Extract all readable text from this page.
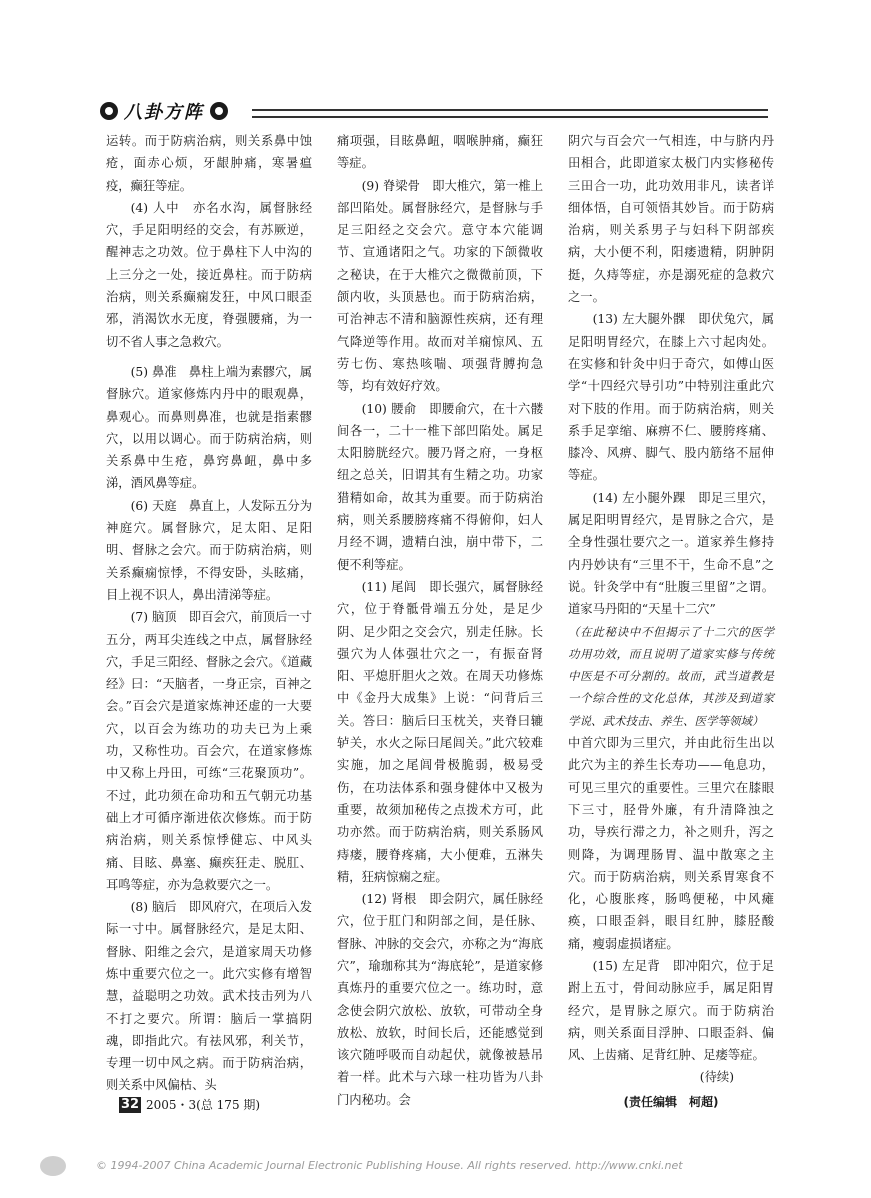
八卦方阵

运转。而于防病治病，则关系鼻中蚀疮，面赤心烦，牙龈肿痛，寒暑瘟疫，癫狂等症。

(4) 人中　亦名水沟，属督脉经穴，手足阳明经的交会，有苏厥逆，醒神志之功效。位于鼻柱下人中沟的上三分之一处，接近鼻柱。而于防病治病，则关系癫痫发狂，中风口眼歪邪，消渴饮水无度，脊强腰痛，为一切不省人事之急救穴。

(5) 鼻准　鼻柱上端为素髎穴，属督脉穴。道家修炼内丹中的眼观鼻，鼻观心。而鼻则鼻准，也就是指素髎穴，以用以调心。而于防病治病，则关系鼻中生疮，鼻窍鼻衄，鼻中多涕，酒风鼻等症。

(6) 天庭　鼻直上，人发际五分为神庭穴。属督脉穴，足太阳、足阳明、督脉之会穴。而于防病治病，则关系癫痫惊悸，不得安卧，头眩痛，目上视不识人，鼻出清涕等症。

(7) 脑顶　即百会穴，前顶后一寸五分，两耳尖连线之中点，属督脉经穴，手足三阳经、督脉之会穴。《道藏经》曰：“天脑者，一身正宗，百神之会。”百会穴是道家炼神还虚的一大要穴，以百会为练功的功夫已为上乘功，又称性功。百会穴，在道家修炼中又称上丹田，可练“三花聚顶功”。不过，此功须在命功和五气朝元功基础上才可循序渐进依次修炼。而于防病治病，则关系惊悸健忘、中风头痛、目眩、鼻塞、癫疾狂走、脱肛、耳鸣等症，亦为急救要穴之一。

(8) 脑后　即风府穴，在项后入发际一寸中。属督脉经穴，是足太阳、督脉、阳维之会穴，是道家周天功修炼中重要穴位之一。此穴实修有增智慧，益聪明之功效。武术技击列为八不打之要穴。所谓：脑后一掌搞阴魂，即指此穴。有祛风邪，利关节，专理一切中风之病。而于防病治病，则关系中风偏枯、头

痛项强，目眩鼻衄，咽喉肿痛，癫狂等症。

(9) 脊梁骨　即大椎穴，第一椎上部凹陷处。属督脉经穴，是督脉与手足三阳经之交会穴。意守本穴能调节、宣通诸阳之气。功家的下颌微收之秘诀，在于大椎穴之微微前顶，下颌内收，头顶悬也。而于防病治病，可治神志不清和脑源性疾病，还有理气降逆等作用。故而对羊痫惊风、五劳七伤、寒热咳喘、项强背膊拘急等，均有效好疗效。

(10) 腰俞　即腰俞穴，在十六髅间各一，二十一椎下部凹陷处。属足太阳膀胱经穴。腰乃肾之府，一身枢纽之总关，旧谓其有生精之功。功家猎精如命，故其为重要。而于防病治病，则关系腰膀疼痛不得俯仰，妇人月经不调，遗精白浊，崩中带下，二便不利等症。

(11) 尾闾　即长强穴，属督脉经穴，位于脊骶骨端五分处，是足少阴、足少阳之交会穴，别走任脉。长强穴为人体强壮穴之一，有振奋肾阳、平熄肝胆火之效。在周天功修炼中《金丹大成集》上说：“问背后三关。答曰：脑后曰玉枕关，夹脊曰辘轳关，水火之际曰尾闾关。”此穴较难实施，加之尾闾骨极脆弱，极易受伤，在功法体系和强身健体中又极为重要，故须加秘传之点拨术方可，此功亦然。而于防病治病，则关系肠风痔瘘，腰脊疼痛，大小便难，五淋失精，狂病惊痫之症。

(12) 肾根　即会阴穴，属任脉经穴，位于肛门和阴部之间，是任脉、督脉、冲脉的交会穴，亦称之为“海底穴”，瑜珈称其为“海底轮”，是道家修真炼丹的重要穴位之一。练功时，意念使会阴穴放松、放软，可带动全身放松、放软，时间长后，还能感觉到该穴随呼吸而自动起伏，就像被悬吊着一样。此术与六球一柱功皆为八卦门内秘功。会

阴穴与百会穴一气相连，中与脐内丹田相合，此即道家太极门内实修秘传三田合一功，此功效用非凡，读者详细体悟，自可领悟其妙旨。而于防病治病，则关系男子与妇科下阴部疾病，大小便不利，阳痿遗精，阴肿阴挺，久痔等症，亦是溺死症的急救穴之一。

(13) 左大腿外髁　即伏兔穴，属足阳明胃经穴，在膝上六寸起肉处。在实修和针灸中归于奇穴，如傅山医学“十四经穴导引功”中特别注重此穴对下肢的作用。而于防病治病，则关系手足挛缩、麻痹不仁、腰胯疼痛、膝冷、风痹、脚气、股内筋络不屈伸等症。

(14) 左小腿外踝　即足三里穴，属足阳明胃经穴，是胃脉之合穴，是全身性强壮要穴之一。道家养生修持内丹妙诀有“三里不干，生命不息”之说。针灸学中有“肚腹三里留”之谓。道家马丹阳的“天星十二穴”

（在此秘诀中不但揭示了十二穴的医学功用功效，而且说明了道家实修与传统中医是不可分割的。故而，武当道教是一个综合性的文化总体，其涉及到道家学说、武术技击、养生、医学等领域）

中首穴即为三里穴，并由此衍生出以此穴为主的养生长寿功——龟息功，可见三里穴的重要性。三里穴在膝眼下三寸，胫骨外廉，有升清降浊之功，导疾行滞之力，补之则升，泻之则降，为调理肠胃、温中散寒之主穴。而于防病治病，则关系胃寒食不化，心腹胀疼，肠鸣便秘，中风瘫痪，口眼歪斜，眼目红肿，膝胫酸痛，瘦弱虚损诸症。

(15) 左足背　即冲阳穴，位于足跗上五寸，骨间动脉应手，属足阳胃经穴，是胃脉之原穴。而于防病治病，则关系面目浮肿、口眼歪斜、偏风、上齿痛、足背红肿、足痿等症。

(待续)

(责任编辑　柯超)

32 2005・3(总 175 期)
© 1994-2007 China Academic Journal Electronic Publishing House. All rights reserved. http://www.cnki.net
